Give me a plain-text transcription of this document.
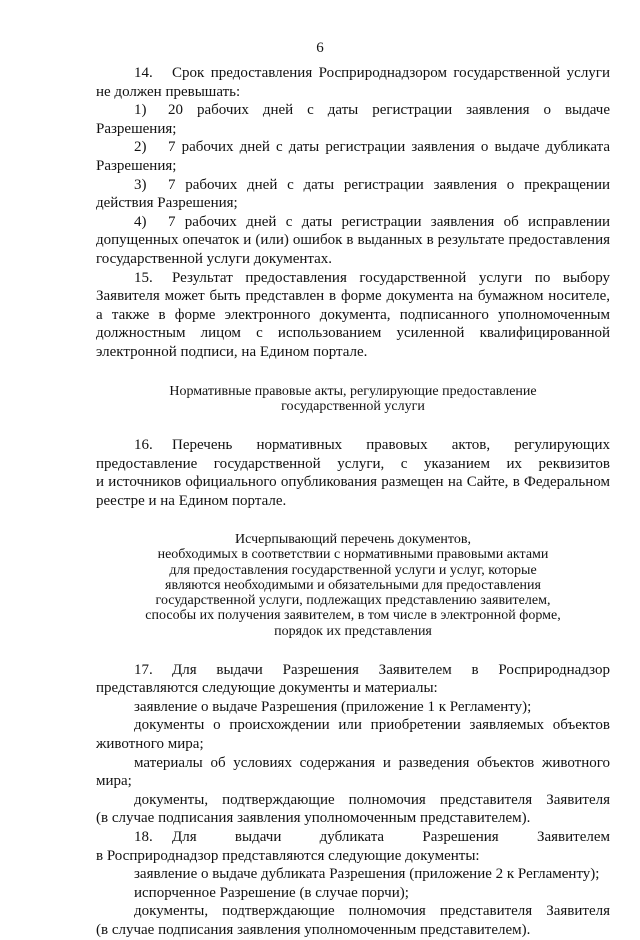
6

14. Срок предоставления Росприроднадзором государственной услуги

не должен превышать:

1) 20 рабочих дней с даты регистрации заявления о выдаче Разрешения;

2) 7 рабочих дней с даты регистрации заявления о выдаче дубликата

Разрешения;

3) 7 рабочих дней с даты регистрации заявления о прекращении

действия Разрешения;

4) 7 рабочих дней с даты регистрации заявления об исправлении

допущенных опечаток и (или) ошибок в выданных в результате предоставления

государственной услуги документах.

15. Результат предоставления государственной услуги по выбору

Заявителя может быть представлен в форме документа на бумажном носителе,

а также в форме электронного документа, подписанного уполномоченным

должностным лицом с использованием усиленной квалифицированной

электронной подписи, на Едином портале.

Нормативные правовые акты, регулирующие предоставление
государственной услуги

16. Перечень нормативных правовых актов, регулирующих

предоставление государственной услуги, с указанием их реквизитов

и источников официального опубликования размещен на Сайте, в Федеральном

реестре и на Едином портале.

Исчерпывающий перечень документов,
необходимых в соответствии с нормативными правовыми актами
для предоставления государственной услуги и услуг, которые
являются необходимыми и обязательными для предоставления
государственной услуги, подлежащих представлению заявителем,
способы их получения заявителем, в том числе в электронной форме,
порядок их представления

17. Для выдачи Разрешения Заявителем в Росприроднадзор

представляются следующие документы и материалы:

заявление о выдаче Разрешения (приложение 1 к Регламенту);

документы о происхождении или приобретении заявляемых объектов

животного мира;

материалы об условиях содержания и разведения объектов животного

мира;

документы, подтверждающие полномочия представителя Заявителя

(в случае подписания заявления уполномоченным представителем).

18. Для выдачи дубликата Разрешения Заявителем

в Росприроднадзор представляются следующие документы:

заявление о выдаче дубликата Разрешения (приложение 2 к Регламенту);

испорченное Разрешение (в случае порчи);

документы, подтверждающие полномочия представителя Заявителя

(в случае подписания заявления уполномоченным представителем).
